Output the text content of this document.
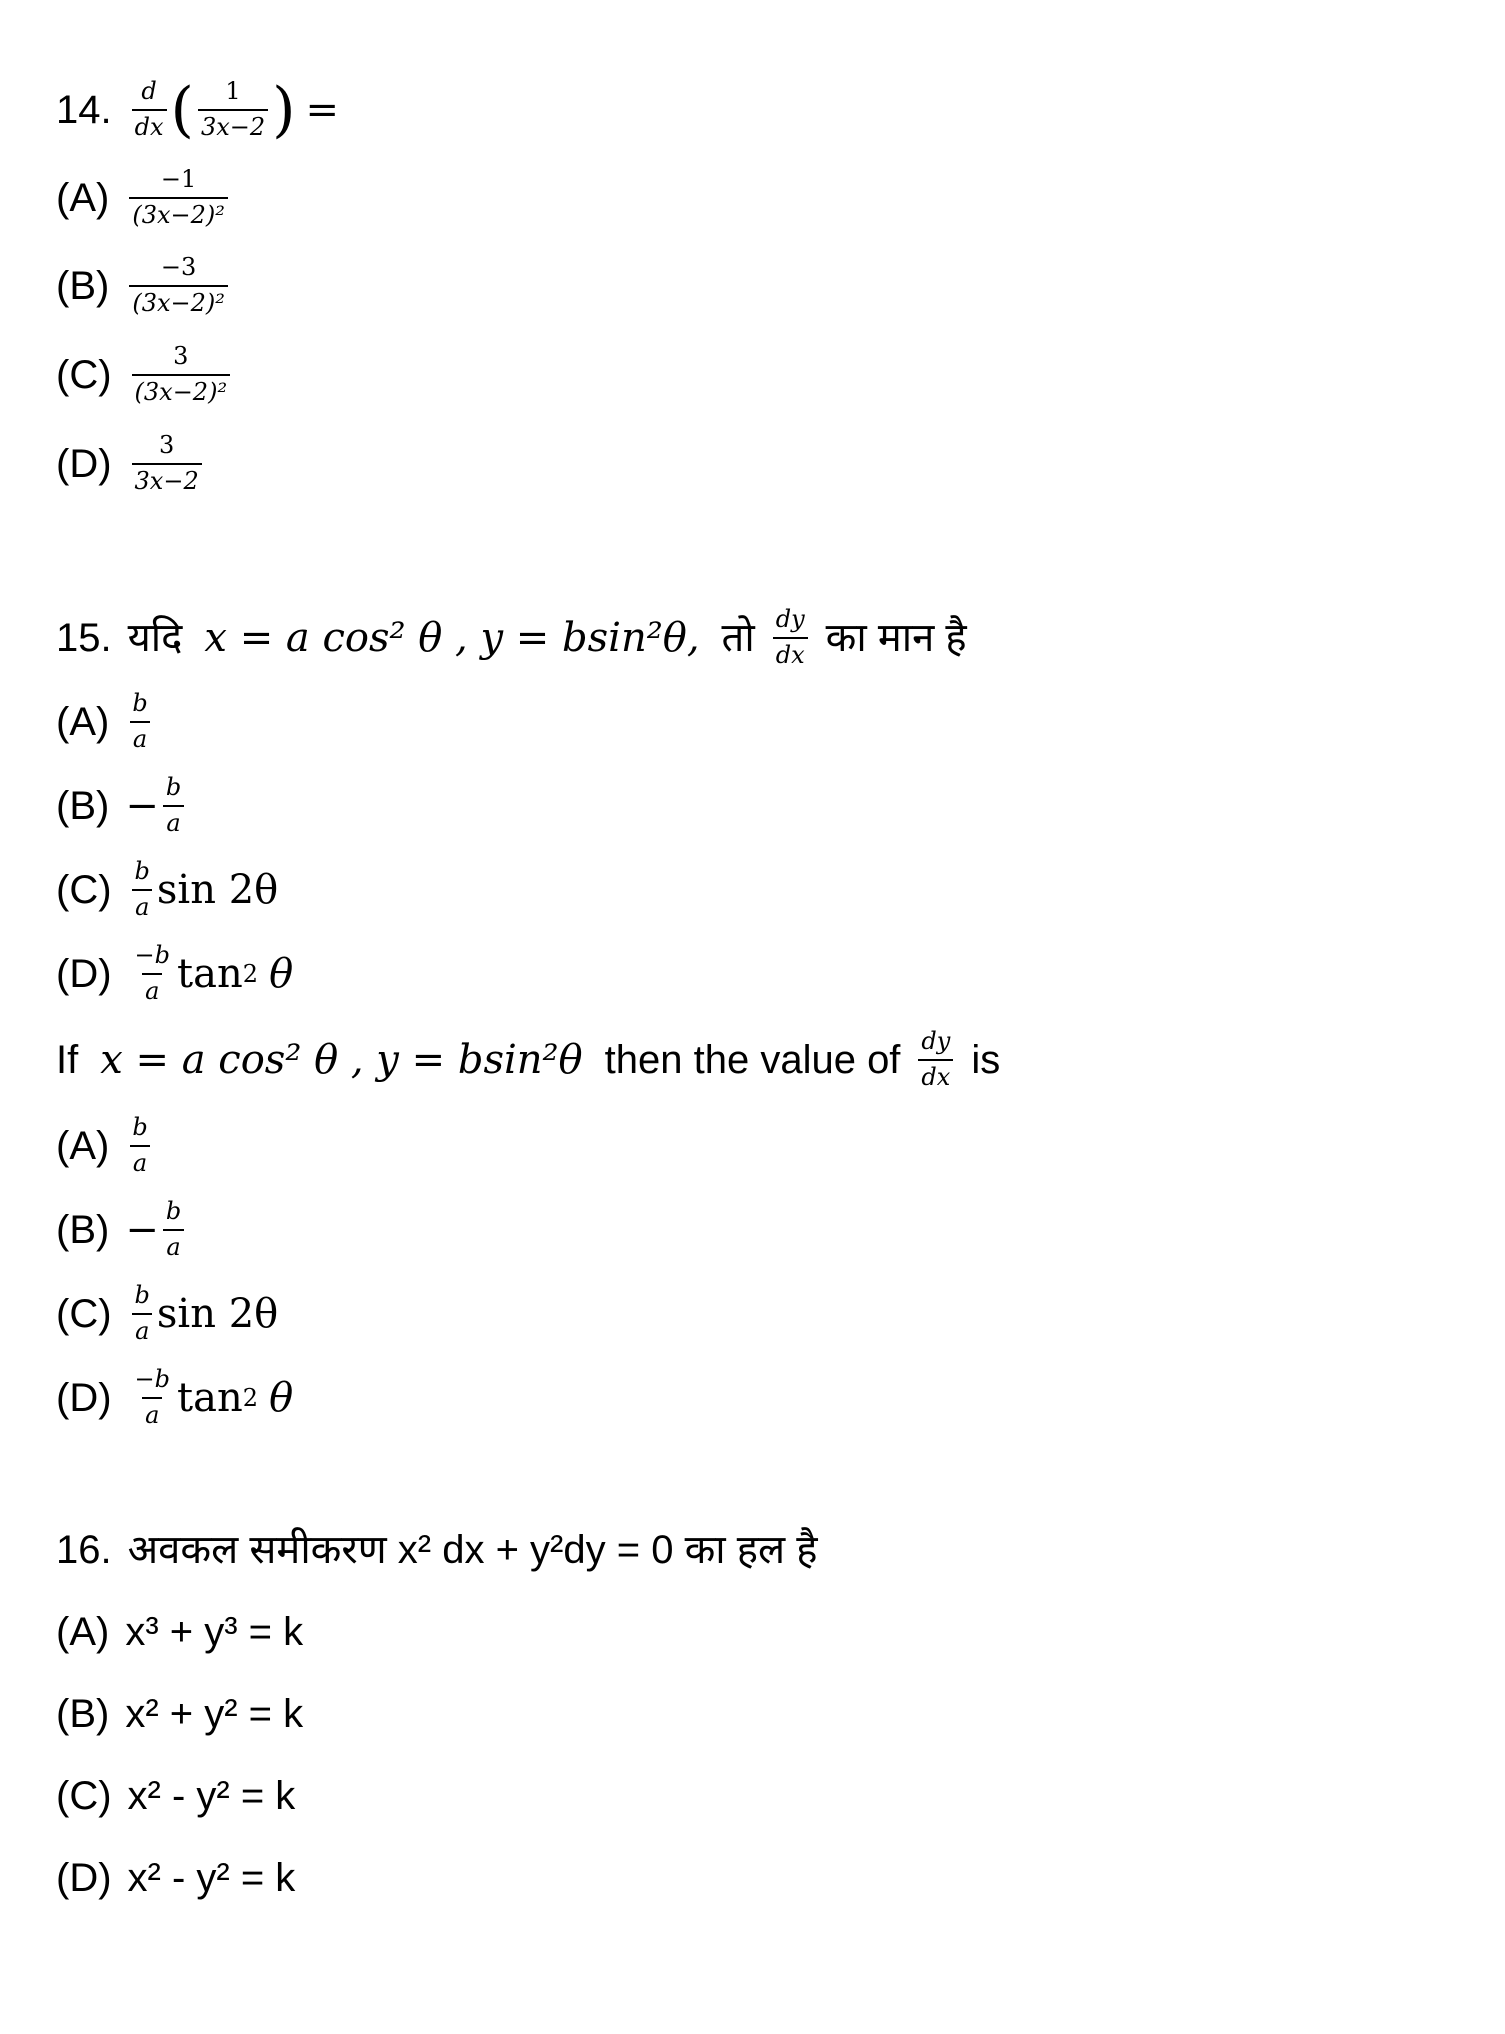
14. $\frac{d}{dx}$ ( $\frac{1}{3x-2}$ ) =
$(A) \frac{-1}{\text{(3x−2)²}}$
$(B) \frac{-3}{\text{(3x−2)²}}$
$(C) \frac{3}{\text{(3x−2)²}}$
$(D) \frac{3}{3x-2}$
15. यदि x = a cos² θ , y = bsin²θ, तो $\frac{dy}{dx}$ का मान है
$(A) \frac{b}{a}$
$(B) - \frac{b}{a}$
$(C) \frac{b}{a}$ sin 2θ
$(D) \frac{-b}{a}$ tan 2
θ
If x = a cos² θ , y = bsin²θ then the value of $\frac{dy}{dx}$ is
$(A) \frac{b}{a}$
$(B) - \frac{b}{a}$
$(C) \frac{b}{a}$ sin 2θ
$(D) \frac{-b}{a}$ tan 2
θ
16. अवकल समीकरण x² dx + y²dy = 0 का हल है
(A) x³ + y³ = k
(B) x² + y² = k
(C) x² - y² = k
(D) x² - y² = k
